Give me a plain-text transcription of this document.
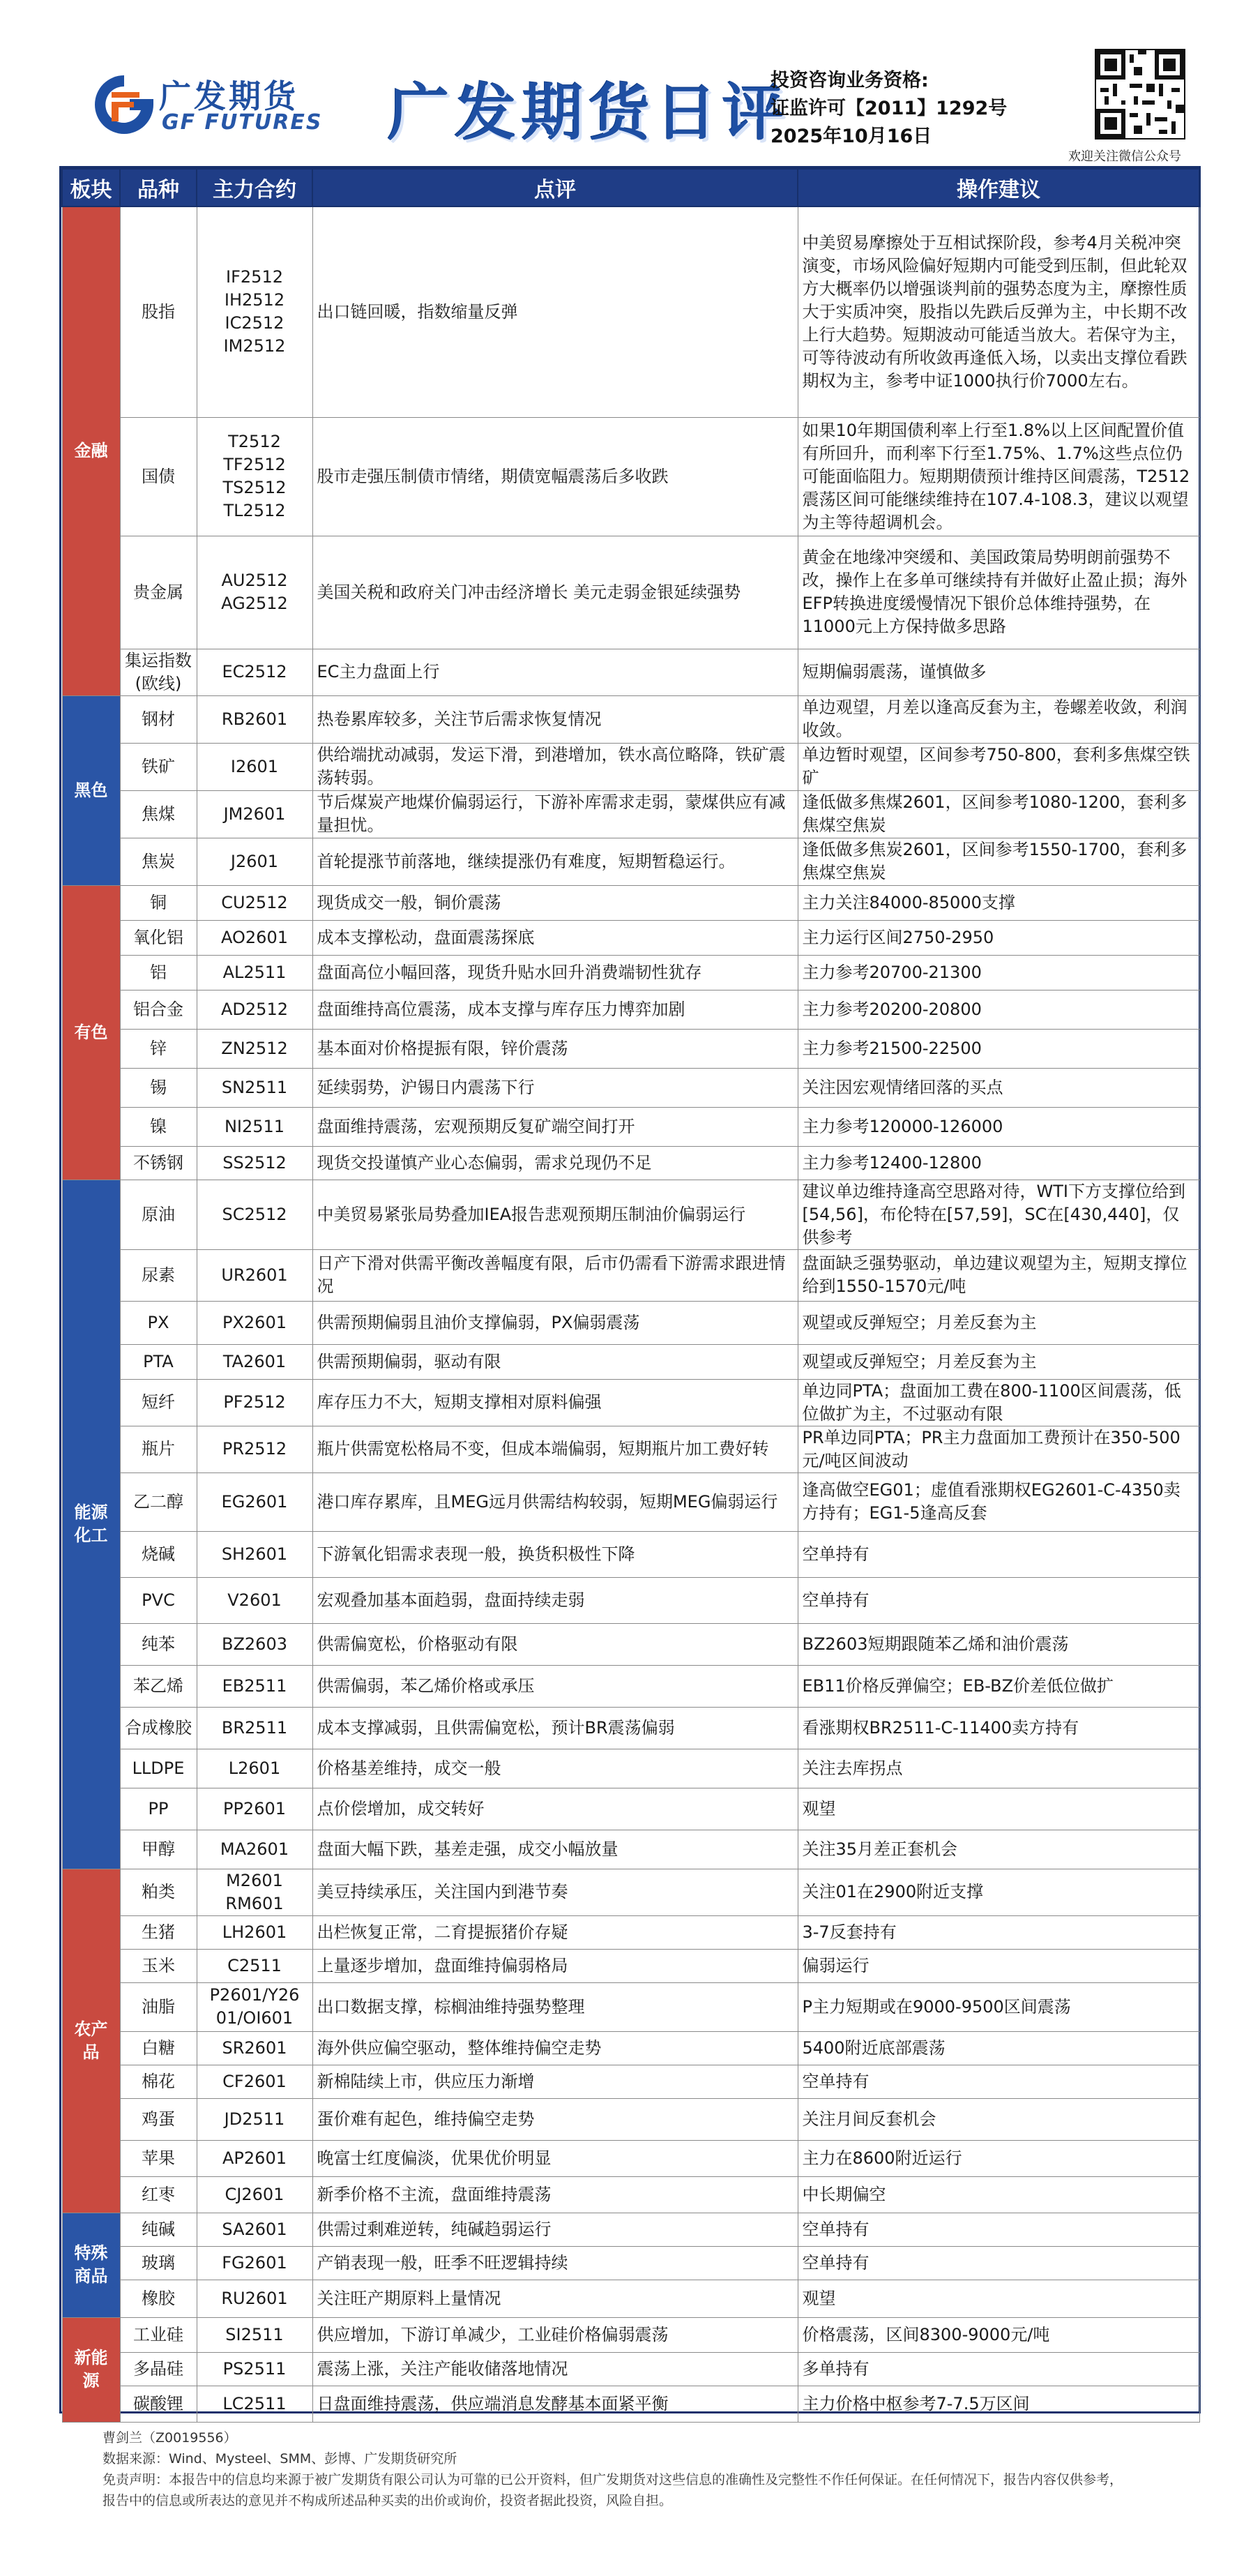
广发期货
GF FUTURES 广发期货日评
投资咨询业务资格:
证监许可【2011】1292号
2025年10月16日
欢迎关注微信公众号
板块	品种	主力合约	点评	操作建议
金融	股指	IF2512
IH2512
IC2512
IM2512	出口链回暖，指数缩量反弹	中美贸易摩擦处于互相试探阶段，参考4月关税冲突演变，市场风险偏好短期内可能受到压制，但此轮双方大概率仍以增强谈判前的强势态度为主，摩擦性质大于实质冲突，股指以先跌后反弹为主，中长期不改上行大趋势。短期波动可能适当放大。若保守为主，可等待波动有所收敛再逢低入场，以卖出支撑位看跌期权为主，参考中证1000执行价7000左右。
	国债	T2512
TF2512
TS2512
TL2512	股市走强压制债市情绪，期债宽幅震荡后多收跌	如果10年期国债利率上行至1.8%以上区间配置价值有所回升，而利率下行至1.75%、1.7%这些点位仍可能面临阻力。短期期债预计维持区间震荡，T2512震荡区间可能继续维持在107.4-108.3，建议以观望为主等待超调机会。
	贵金属	AU2512
AG2512	美国关税和政府关门冲击经济增长 美元走弱金银延续强势	黄金在地缘冲突缓和、美国政策局势明朗前强势不改，操作上在多单可继续持有并做好止盈止损；海外EFP转换进度缓慢情况下银价总体维持强势，在11000元上方保持做多思路
	集运指数
(欧线)	EC2512	EC主力盘面上行	短期偏弱震荡，谨慎做多
黑色	钢材	RB2601	热卷累库较多，关注节后需求恢复情况	单边观望，月差以逢高反套为主，卷螺差收敛，利润收敛。
	铁矿	I2601	供给端扰动减弱，发运下滑，到港增加，铁水高位略降，铁矿震荡转弱。	单边暂时观望，区间参考750-800，套利多焦煤空铁矿
	焦煤	JM2601	节后煤炭产地煤价偏弱运行，下游补库需求走弱，蒙煤供应有减量担忧。	逢低做多焦煤2601，区间参考1080-1200，套利多焦煤空焦炭
	焦炭	J2601	首轮提涨节前落地，继续提涨仍有难度，短期暂稳运行。	逢低做多焦炭2601，区间参考1550-1700，套利多焦煤空焦炭
有色	铜	CU2512	现货成交一般，铜价震荡	主力关注84000-85000支撑
	氧化铝	AO2601	成本支撑松动，盘面震荡探底	主力运行区间2750-2950
	铝	AL2511	盘面高位小幅回落，现货升贴水回升消费端韧性犹存	主力参考20700-21300
	铝合金	AD2512	盘面维持高位震荡，成本支撑与库存压力博弈加剧	主力参考20200-20800
	锌	ZN2512	基本面对价格提振有限，锌价震荡	主力参考21500-22500
	锡	SN2511	延续弱势，沪锡日内震荡下行	关注因宏观情绪回落的买点
	镍	NI2511	盘面维持震荡，宏观预期反复矿端空间打开	主力参考120000-126000
	不锈钢	SS2512	现货交投谨慎产业心态偏弱，需求兑现仍不足	主力参考12400-12800
能源
化工	原油	SC2512	中美贸易紧张局势叠加IEA报告悲观预期压制油价偏弱运行	建议单边维持逢高空思路对待，WTI下方支撑位给到[54,56]，布伦特在[57,59]，SC在[430,440]，仅供参考
	尿素	UR2601	日产下滑对供需平衡改善幅度有限，后市仍需看下游需求跟进情况	盘面缺乏强势驱动，单边建议观望为主，短期支撑位给到1550-1570元/吨
	PX	PX2601	供需预期偏弱且油价支撑偏弱，PX偏弱震荡	观望或反弹短空；月差反套为主
	PTA	TA2601	供需预期偏弱，驱动有限	观望或反弹短空；月差反套为主
	短纤	PF2512	库存压力不大，短期支撑相对原料偏强	单边同PTA；盘面加工费在800-1100区间震荡，低位做扩为主，不过驱动有限
	瓶片	PR2512	瓶片供需宽松格局不变，但成本端偏弱，短期瓶片加工费好转	PR单边同PTA；PR主力盘面加工费预计在350-500元/吨区间波动
	乙二醇	EG2601	港口库存累库，且MEG远月供需结构较弱，短期MEG偏弱运行	逢高做空EG01；虚值看涨期权EG2601-C-4350卖方持有；EG1-5逢高反套
	烧碱	SH2601	下游氧化铝需求表现一般，换货积极性下降	空单持有
	PVC	V2601	宏观叠加基本面趋弱，盘面持续走弱	空单持有
	纯苯	BZ2603	供需偏宽松，价格驱动有限	BZ2603短期跟随苯乙烯和油价震荡
	苯乙烯	EB2511	供需偏弱，苯乙烯价格或承压	EB11价格反弹偏空；EB-BZ价差低位做扩
	合成橡胶	BR2511	成本支撑减弱，且供需偏宽松，预计BR震荡偏弱	看涨期权BR2511-C-11400卖方持有
	LLDPE	L2601	价格基差维持，成交一般	关注去库拐点
	PP	PP2601	点价偿增加，成交转好	观望
	甲醇	MA2601	盘面大幅下跌，基差走强，成交小幅放量	关注35月差正套机会
农产品	粕类	M2601
RM601	美豆持续承压，关注国内到港节奏	关注01在2900附近支撑
	生猪	LH2601	出栏恢复正常，二育提振猪价存疑	3-7反套持有
	玉米	C2511	上量逐步增加，盘面维持偏弱格局	偏弱运行
	油脂	P2601/Y26
01/OI601	出口数据支撑，棕榈油维持强势整理	P主力短期或在9000-9500区间震荡
	白糖	SR2601	海外供应偏空驱动，整体维持偏空走势	5400附近底部震荡
	棉花	CF2601	新棉陆续上市，供应压力渐增	空单持有
	鸡蛋	JD2511	蛋价难有起色，维持偏空走势	关注月间反套机会
	苹果	AP2601	晚富士红度偏淡，优果优价明显	主力在8600附近运行
	红枣	CJ2601	新季价格不主流，盘面维持震荡	中长期偏空
特殊
商品	纯碱	SA2601	供需过剩难逆转，纯碱趋弱运行	空单持有
	玻璃	FG2601	产销表现一般，旺季不旺逻辑持续	空单持有
	橡胶	RU2601	关注旺产期原料上量情况	观望
新能源	工业硅	SI2511	供应增加，下游订单减少，工业硅价格偏弱震荡	价格震荡，区间8300-9000元/吨
	多晶硅	PS2511	震荡上涨，关注产能收储落地情况	多单持有
	碳酸锂	LC2511	日盘面维持震荡，供应端消息发酵基本面紧平衡	主力价格中枢参考7-7.5万区间
曹剑兰（Z0019556）
数据来源：Wind、Mysteel、SMM、彭博、广发期货研究所
免责声明：本报告中的信息均来源于被广发期货有限公司认为可靠的已公开资料，但广发期货对这些信息的准确性及完整性不作任何保证。在任何情况下，报告内容仅供参考，
报告中的信息或所表达的意见并不构成所述品种买卖的出价或询价，投资者据此投资，风险自担。
